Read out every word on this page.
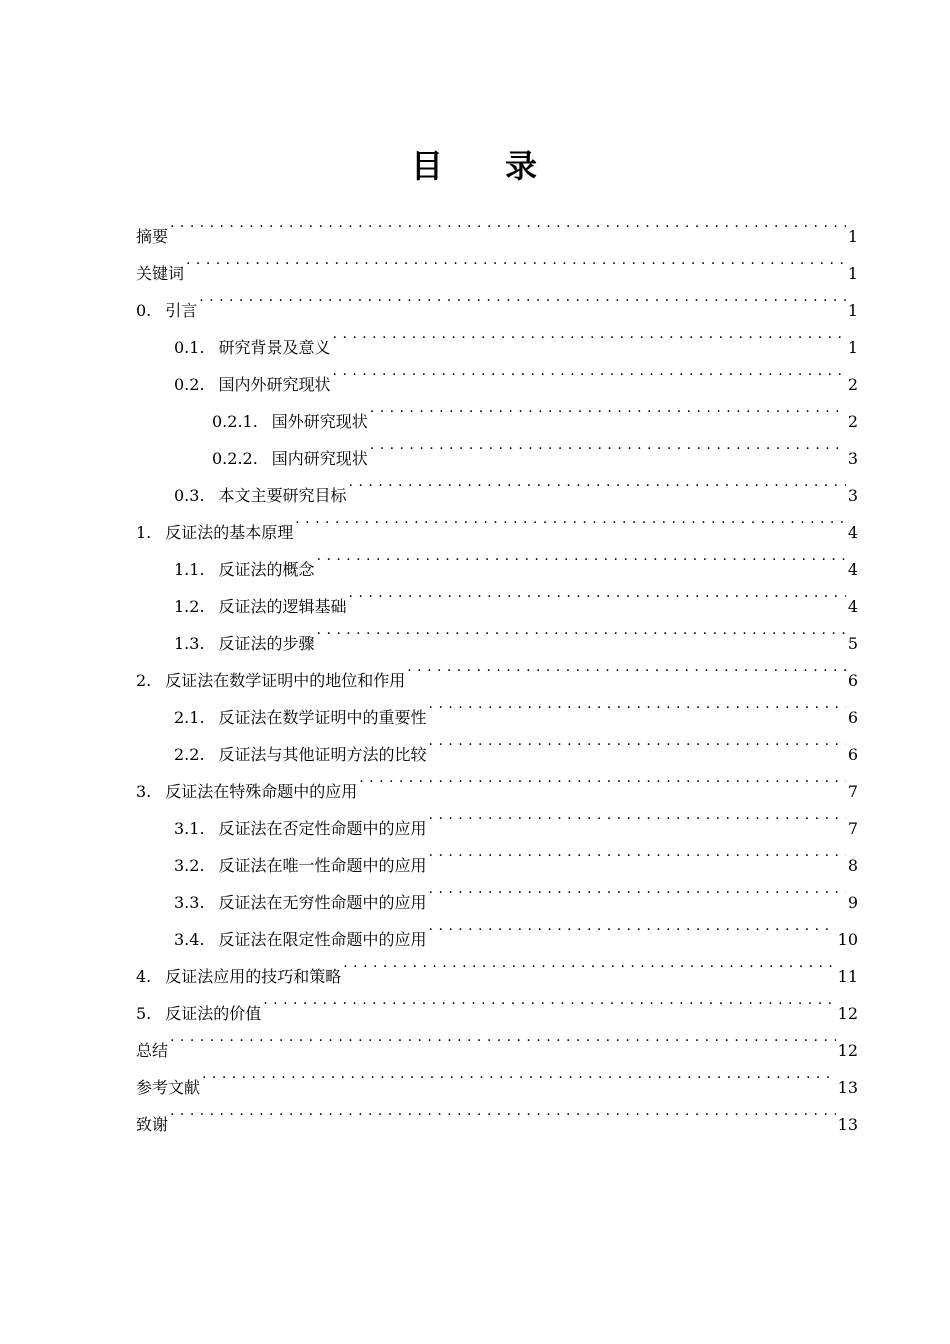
目 录
摘要 . . .	1
关键词 . . .	1
0. 引言 . . .	1
0.1. 研究背景及意义 . . .	1
0.2. 国内外研究现状 . . .	2
0.2.1. 国外研究现状 . . .	2
0.2.2. 国内研究现状 . . .	3
0.3. 本文主要研究目标 . . .	3
1. 反证法的基本原理 . . .	4
1.1. 反证法的概念 . . .	4
1.2. 反证法的逻辑基础 . . .	4
1.3. 反证法的步骤 . . .	5
2. 反证法在数学证明中的地位和作用 . . .	6
2.1. 反证法在数学证明中的重要性 . . .	6
2.2. 反证法与其他证明方法的比较 . . .	6
3. 反证法在特殊命题中的应用 . . .	7
3.1. 反证法在否定性命题中的应用 . . .	7
3.2. 反证法在唯一性命题中的应用 . . .	8
3.3. 反证法在无穷性命题中的应用 . . .	9
3.4. 反证法在限定性命题中的应用 . . .	10
4. 反证法应用的技巧和策略 . . .	11
5. 反证法的价值 . . .	12
总结 . . .	12
参考文献 . . .	13
致谢 . . .	13
